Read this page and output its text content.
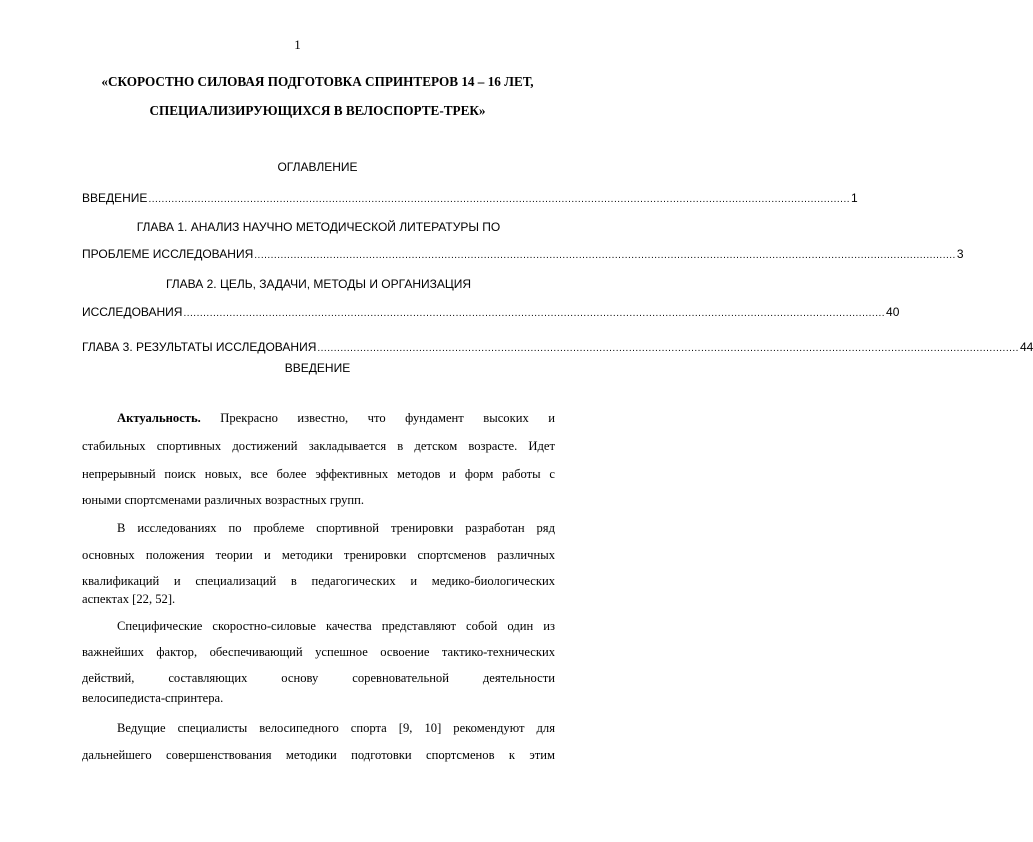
1
«СКОРОСТНО СИЛОВАЯ ПОДГОТОВКА СПРИНТЕРОВ 14 – 16 ЛЕТ,
СПЕЦИАЛИЗИРУЮЩИХСЯ В ВЕЛОСПОРТЕ-ТРЕК»
ОГЛАВЛЕНИЕ
ВВЕДЕНИЕ ...................................................................................................................................................................................................................... 1
ГЛАВА 1. АНАЛИЗ НАУЧНО МЕТОДИЧЕСКОЙ ЛИТЕРАТУРЫ ПО
ПРОБЛЕМЕ ИССЛЕДОВАНИЯ ...................................................................................................................................................................................................................... 3
ГЛАВА 2. ЦЕЛЬ, ЗАДАЧИ, МЕТОДЫ И ОРГАНИЗАЦИЯ
ИССЛЕДОВАНИЯ ...................................................................................................................................................................................................................... 40
ГЛАВА 3. РЕЗУЛЬТАТЫ ИССЛЕДОВАНИЯ ...................................................................................................................................................................................................................... 44
ВВЕДЕНИЕ
Актуальность. Прекрасно известно, что фундамент высоких и
стабильных спортивных достижений закладывается в детском возрасте. Идет
непрерывный поиск новых, все более эффективных методов и форм работы с
юными спортсменами различных возрастных групп.
В исследованиях по проблеме спортивной тренировки разработан ряд
основных положения теории и методики тренировки спортсменов различных
квалификаций и специализаций в педагогических и медико-биологических
аспектах [22, 52].
Специфические скоростно-силовые качества представляют собой один из
важнейших фактор, обеспечивающий успешное освоение тактико-технических
действий, составляющих основу соревновательной деятельности
велосипедиста-спринтера.
Ведущие специалисты велосипедного спорта [9, 10] рекомендуют для
дальнейшего совершенствования методики подготовки спортсменов к этим
